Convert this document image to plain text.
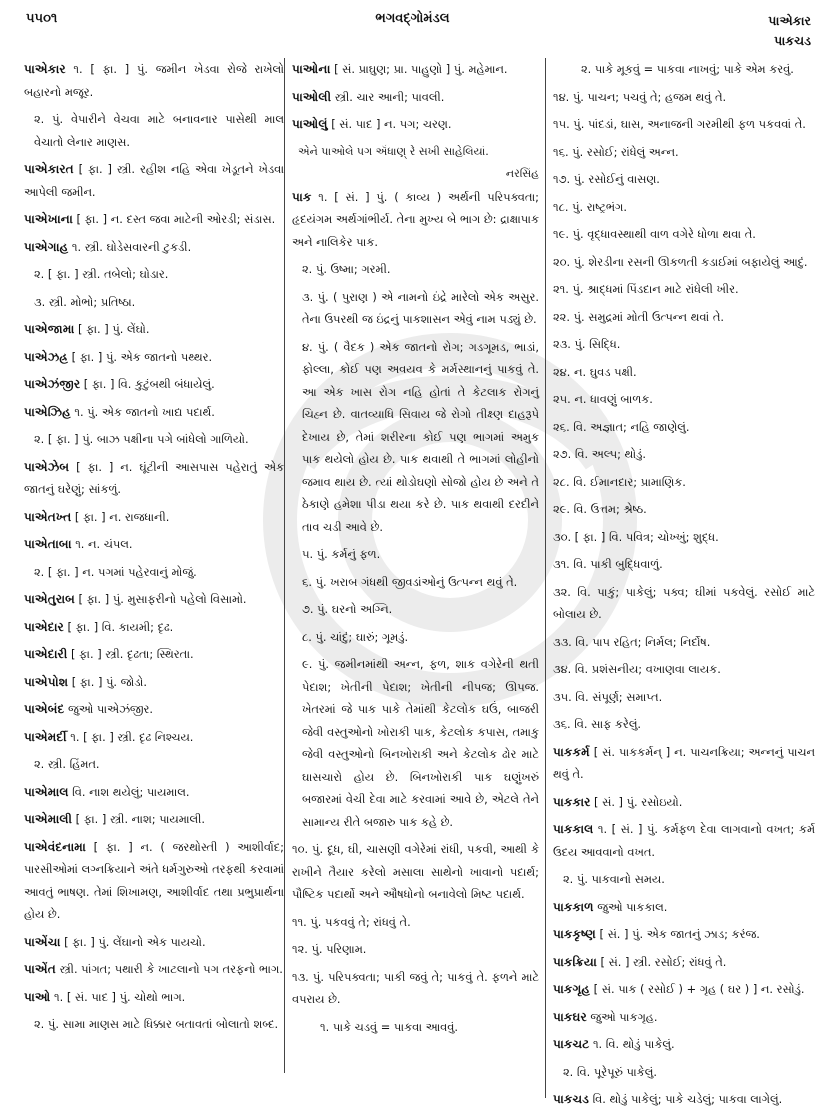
૫૫૦૧	ભગવદ્ગોમંડલ	પાએકાર
પાકચડ
પાએકાર ૧. [ ફા. ] પું. જમીન ખેડવા રોજે રાખેલો બહારનો મજૂર.
૨. પું. વેપારીને વેચવા માટે બનાવનાર પાસેથી માલ વેચાતો લેનાર માણસ.
પાએકારત [ ફા. ] સ્ત્રી. રહીશ નહિ એવા ખેડૂતને ખેડવા આપેલી જમીન.
પાએખાના [ ફા. ] ન. દસ્ત જવા માટેની ઓરડી; સંડાસ.
પાએગાહ ૧. સ્ત્રી. ઘોડેસવારની ટુકડી.
૨. [ ફા. ] સ્ત્રી. તબેલો; ઘોડાર.
૩. સ્ત્રી. મોભો; પ્રતિષ્ઠા.
પાએજામા [ ફા. ] પું. લેંઘો.
પાએઝહ્ર [ ફા. ] પું. એક જાતનો પથ્થર.
પાએઝંજીર [ ફા. ] વિ. કુટુંબથી બંધાયેલું.
પાએઝિહ ૧. પું. એક જાતનો ખાદ્ય પદાર્થ.
૨. [ ફા. ] પું. બાઝ પક્ષીના પગે બાંધેલો ગાળિયો.
પાએઝેબ [ ફા. ] ન. ઘૂંટીની આસપાસ પહેરાતું એક જાતનું ઘરેણું; સાંકળું.
પાએતખ્ત [ ફા. ] ન. રાજધાની.
પાએતાબા ૧. ન. ચંપલ.
૨. [ ફા. ] ન. પગમાં પહેરવાનું મોજું.
પાએતુરાબ [ ફા. ] પું. મુસાફરીનો પહેલો વિસામો.
પાએદાર [ ફા. ] વિ. કાયમી; દૃઢ.
પાએદારી [ ફા. ] સ્ત્રી. દૃઢતા; સ્થિરતા.
પાએપોશ [ ફા. ] પું. જોડો.
પાએબંદ જુઓ પાએઝંજીર.
પાએમર્દી ૧. [ ફા. ] સ્ત્રી. દૃઢ નિશ્ચય.
૨. સ્ત્રી. હિંમત.
પાએમાલ વિ. નાશ થયેલું; પાયમાલ.
પાએમાલી [ ફા. ] સ્ત્રી. નાશ; પાયમાલી.
પાએવંદનામા [ ફા. ] ન. ( જરથોસ્તી ) આશીર્વાદ; પારસીઓમાં લગ્નક્રિયાને અંતે ધર્મગુરુઓ તરફથી કરવામાં આવતું ભાષણ. તેમાં શિખામણ, આશીર્વાદ તથા પ્રભુપ્રાર્થના હોય છે.
પાએંચા [ ફા. ] પું. લેંઘાનો એક પાયચો.
પાએંત સ્ત્રી. પાંગત; પથારી કે ખાટલાનો પગ તરફનો ભાગ.
પાઓ ૧. [ સં. પાદ ] પું. ચોથો ભાગ.
૨. પું. સામા માણસ માટે ધિક્કાર બતાવતાં બોલાતો શબ્દ.
પાઓના [ સં. પ્રાઘુણ; પ્રા. પાહુણો ] પું. મહેમાન.
પાઓલી સ્ત્રી. ચાર આની; પાવલી.
પાઓલું [ સં. પાદ ] ન. પગ; ચરણ.
એને પાઓલે પગ ઍંધાણ્ રે સખી સાહેલિયાં.
નરસિંહ
પાક ૧. [ સં. ] પું. ( કાવ્ય ) અર્થની પરિપક્વતા; હૃદયંગમ અર્થગાંભીર્ય. તેના મુખ્ય બે ભાગ છે: દ્રાક્ષાપાક અને નાલિકેર પાક.
૨. પું. ઉષ્મા; ગરમી.
૩. પું. ( પુરાણ ) એ નામનો ઇંદ્રે મારેલો એક અસુર. તેના ઉપરથી જ ઇંદ્રનું પાકશાસન એવું નામ પડ્યું છે.
૪. પું. ( વૈદક ) એક જાતનો રોગ; ગડગૂમડ, ભાડાં, ફોલ્લા, કોઈ પણ અવયવ કે મર્મસ્થાનનું પાકવું તે. આ એક ખાસ રોગ નહિ હોતાં તે કેટલાક રોગનું ચિહ્ન છે. વાતવ્યાધિ સિવાય જે રોગો તીક્ષ્ણ દાહરૂપે દેખાય છે, તેમાં શરીરના કોઈ પણ ભાગમાં અમુક પાક થયેલો હોય છે. પાક થવાથી તે ભાગમાં લોહીનો જમાવ થાય છે. ત્યાં થોડોઘણો સોજો હોય છે અને તે ઠેકાણે હમેશા પીડા થયા કરે છે. પાક થવાથી દરદીને તાવ ચડી આવે છે.
૫. પું. કર્મનું ફળ.
૬. પું. ખરાબ ગંધથી જીવડાંઓનું ઉત્પન્ન થવું તે.
૭. પું. ઘરનો અગ્નિ.
૮. પું. ચાંદું; ઘારું; ગૂમડું.
૯. પું. જમીનમાંથી અન્ન, ફળ, શાક વગેરેની થતી પેદાશ; ખેતીની પેદાશ; ખેતીની નીપજ; ઊપજ. ખેતરમાં જે પાક પાકે તેમાંથી કેટલોક ઘઉં, બાજરી જેવી વસ્તુઓનો ખોરાકી પાક, કેટલોક કપાસ, તમાકુ જેવી વસ્તુઓનો બિનખોરાકી અને કેટલોક ઢોર માટે ઘાસચારો હોય છે. બિનખોરાકી પાક ઘણુંખરું બજારમાં વેચી દેવા માટે કરવામાં આવે છે, એટલે તેને સામાન્ય રીતે બજારુ પાક કહે છે.
૧૦. પું. દૂધ, ઘી, ચાસણી વગેરેમાં રાંધી, પકવી, આથી કે રાખીને તૈયાર કરેલો મસાલા સાથેનો ખાવાનો પદાર્થ; પૌષ્ટિક પદાર્થો અને ઔષધોનો બનાવેલો મિષ્ટ પદાર્થ.
૧૧. પું. પકવવું તે; રાંધવું તે.
૧૨. પું. પરિણામ.
૧૩. પું. પરિપક્વતા; પાકી જવું તે; પાકવું તે. ફળને માટે વપરાય છે.
૧. પાકે ચડવું = પાકવા આવવું.
૨. પાકે મૂકવું = પાકવા નાખવું; પાકે એમ કરવું.
૧૪. પું. પાચન; પચવું તે; હજમ થવું તે.
૧૫. પું. પાંદડાં, ઘાસ, અનાજની ગરમીથી ફળ પકવવાં તે.
૧૬. પું. રસોઈ; રાંધેલું અન્ન.
૧૭. પું. રસોઈનું વાસણ.
૧૮. પું. રાષ્ટ્રભંગ.
૧૯. પું. વૃદ્ધાવસ્થાથી વાળ વગેરે ધોળા થવા તે.
૨૦. પું. શેરડીના રસની ઊકળતી કડાઈમાં બફાયેલું આદું.
૨૧. પું. શ્રાદ્ધમાં પિંડદાન માટે રાંધેલી ખીર.
૨૨. પું. સમુદ્રમાં મોતી ઉત્પન્ન થવાં તે.
૨૩. પું. સિદ્ધિ.
૨૪. ન. ઘુવડ પક્ષી.
૨૫. ન. ધાવણું બાળક.
૨૬. વિ. અજ્ઞાત; નહિ જાણેલું.
૨૭. વિ. અલ્પ; થોડું.
૨૮. વિ. ઈમાનદાર; પ્રામાણિક.
૨૯. વિ. ઉત્તમ; શ્રેષ્ઠ.
૩૦. [ ફા. ] વિ. પવિત્ર; ચોખ્ખું; શુદ્ધ.
૩૧. વિ. પાકી બુદ્ધિવાળું.
૩૨. વિ. પાકું; પાકેલું; પક્વ; ઘીમાં પકવેલું. રસોઈ માટે બોલાય છે.
૩૩. વિ. પાપ રહિત; નિર્મલ; નિર્દોષ.
૩૪. વિ. પ્રશંસનીય; વખાણવા લાયક.
૩૫. વિ. સંપૂર્ણ; સમાપ્ત.
૩૬. વિ. સાફ કરેલું.
પાકકર્મ [ સં. પાકકર્મન્ ] ન. પાચનક્રિયા; અન્નનું પાચન થવું તે.
પાકકાર [ સં. ] પું. રસોઇયો.
પાકકાલ ૧. [ સં. ] પું. કર્મફળ દેવા લાગવાનો વખત; કર્મ ઉદય આવવાનો વખત.
૨. પું. પાકવાનો સમય.
પાકકાળ જુઓ પાકકાલ.
પાકકૃષ્ણ [ સં. ] પું. એક જાતનું ઝાડ; કરંજ.
પાકક્રિયા [ સં. ] સ્ત્રી. રસોઈ; રાંધવું તે.
પાકગૃહ [ સં. પાક ( રસોઈ ) + ગૃહ ( ઘર ) ] ન. રસોડું.
પાકઘર જુઓ પાકગૃહ.
પાકચટ ૧. વિ. થોડું પાકેલું.
૨. વિ. પૂરેપૂરું પાકેલું.
પાકચડ વિ. થોડું પાકેલું; પાકે ચડેલું; પાકવા લાગેલું.
